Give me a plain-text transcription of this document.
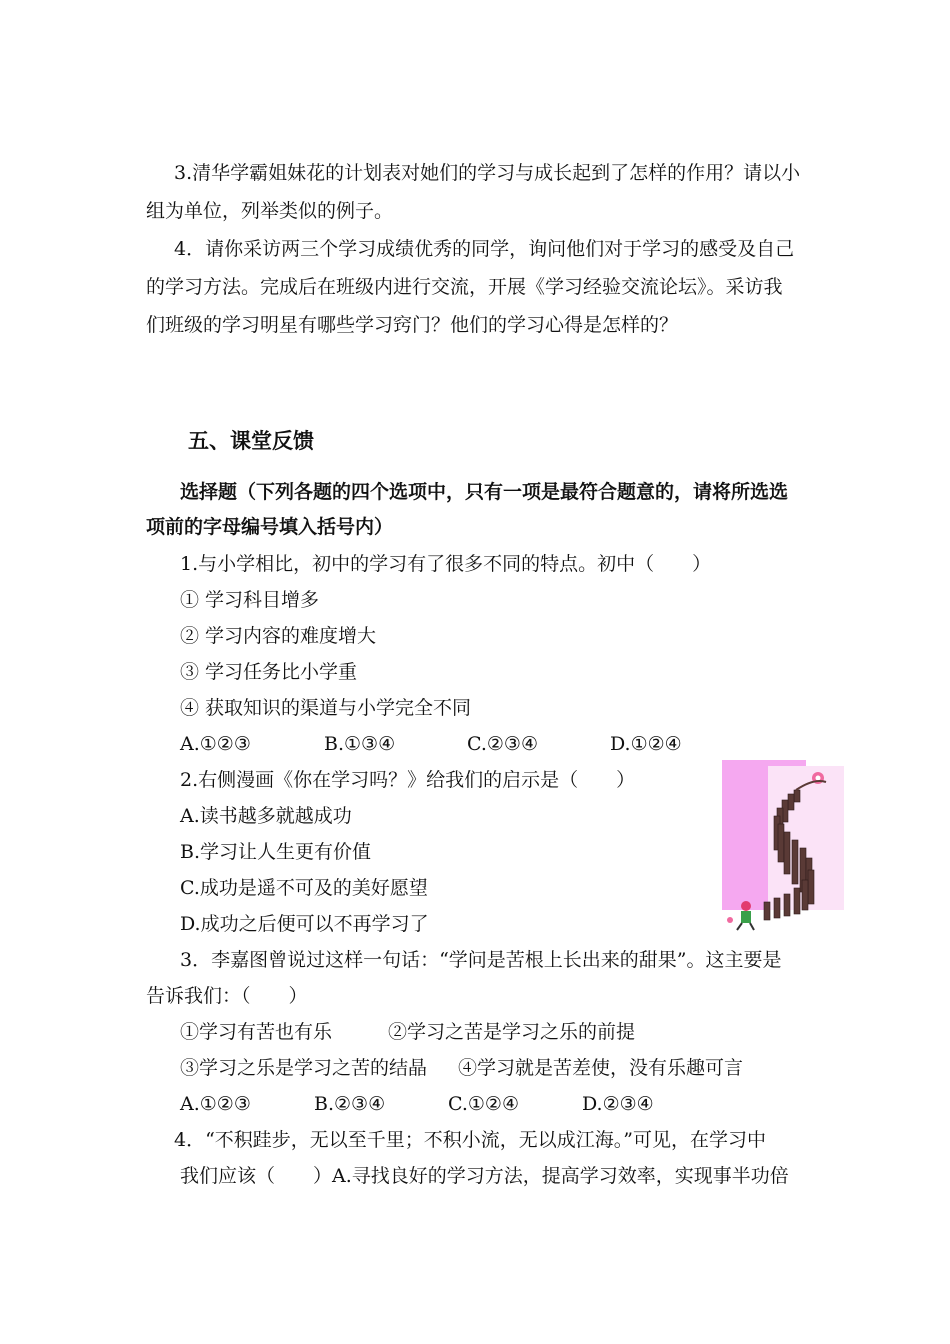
3.清华学霸姐妹花的计划表对她们的学习与成长起到了怎样的作用？请以小
组为单位，列举类似的例子。
4．请你采访两三个学习成绩优秀的同学，询问他们对于学习的感受及自己
的学习方法。完成后在班级内进行交流，开展《学习经验交流论坛》。采访我
们班级的学习明星有哪些学习窍门？他们的学习心得是怎样的？
五、课堂反馈
选择题（下列各题的四个选项中，只有一项是最符合题意的，请将所选选
项前的字母编号填入括号内）
1.与小学相比，初中的学习有了很多不同的特点。初中（　　）
① 学习科目增多
② 学习内容的难度增大
③ 学习任务比小学重
④ 获取知识的渠道与小学完全不同
A.①②③	B.①③④	C.②③④	D.①②④
2.右侧漫画《你在学习吗？》给我们的启示是（　　）
A.读书越多就越成功
B.学习让人生更有价值
C.成功是遥不可及的美好愿望
D.成功之后便可以不再学习了
3．李嘉图曾说过这样一句话：“学问是苦根上长出来的甜果”。这主要是
告诉我们：（　　）
①学习有苦也有乐	②学习之苦是学习之乐的前提
③学习之乐是学习之苦的结晶 ④学习就是苦差使，没有乐趣可言
A.①②③	B.②③④	C.①②④	D.②③④
4．“不积跬步，无以至千里；不积小流，无以成江海。”可见，在学习中
我们应该（　　）A.寻找良好的学习方法，提高学习效率，实现事半功倍
